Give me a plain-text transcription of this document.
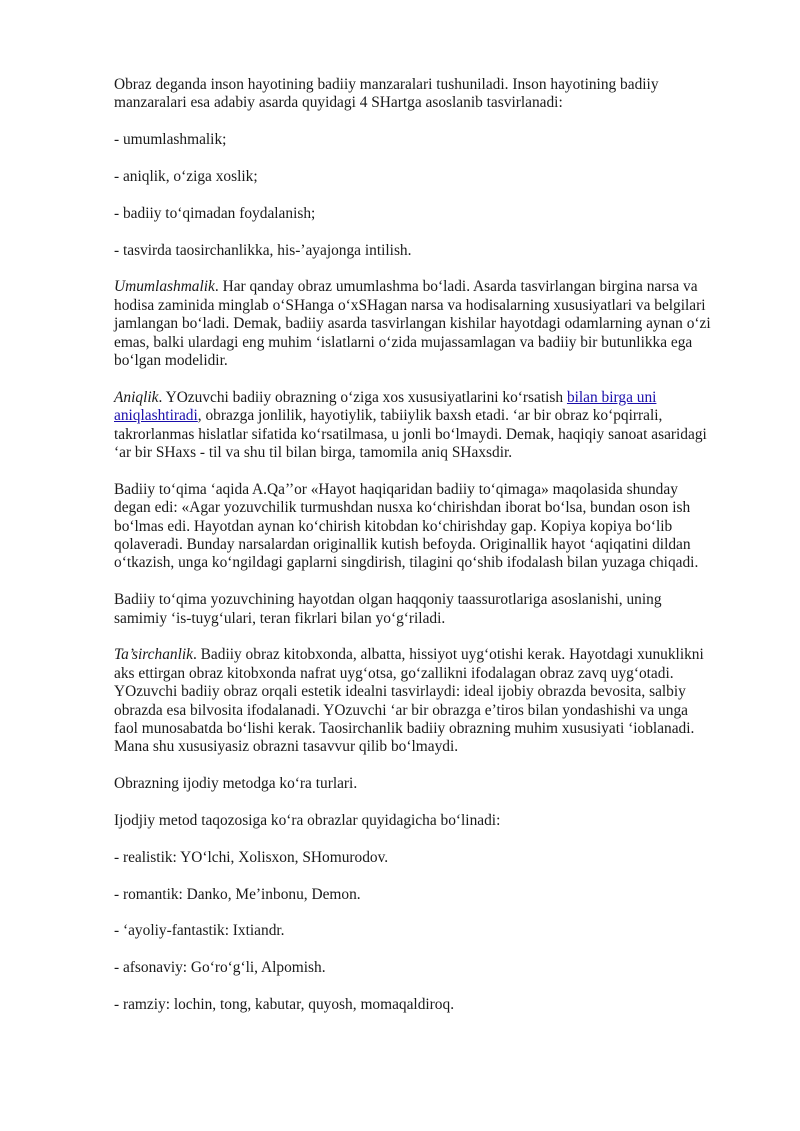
Obraz deganda inson hayotining badiiy manzaralari tushuniladi. Inson hayotining badiiy manzaralari esa adabiy asarda quyidagi 4 SHartga asoslanib tasvirlanadi:

- umumlashmalik;

- aniqlik, o‘ziga xoslik;

- badiiy to‘qimadan foydalanish;

- tasvirda taosirchanlikka, his-’ayajonga intilish.

Umumlashmalik. Har qanday obraz umumlashma bo‘ladi. Asarda tasvirlangan birgina narsa va hodisa zaminida minglab o‘SHanga o‘xSHagan narsa va hodisalarning xususiyatlari va belgilari jamlangan bo‘ladi. Demak, badiiy asarda tasvirlangan kishilar hayotdagi odamlarning aynan o‘zi emas, balki ulardagi eng muhim ‘islatlarni o‘zida mujassamlagan va badiiy bir butunlikka ega bo‘lgan modelidir.

Aniqlik. YOzuvchi badiiy obrazning o‘ziga xos xususiyatlarini ko‘rsatish bilan birga uni aniqlashtiradi, obrazga jonlilik, hayotiylik, tabiiylik baxsh etadi. ‘ar bir obraz ko‘pqirrali, takrorlanmas hislatlar sifatida ko‘rsatilmasa, u jonli bo‘lmaydi. Demak, haqiqiy sanoat asaridagi ‘ar bir SHaxs - til va shu til bilan birga, tamomila aniq SHaxsdir.

Badiiy to‘qima ‘aqida A.Qa’’or «Hayot haqiqaridan badiiy to‘qimaga» maqolasida shunday degan edi: «Agar yozuvchilik turmushdan nusxa ko‘chirishdan iborat bo‘lsa, bundan oson ish bo‘lmas edi. Hayotdan aynan ko‘chirish kitobdan ko‘chirishday gap. Kopiya kopiya bo‘lib qolaveradi. Bunday narsalardan originallik kutish befoyda. Originallik hayot ‘aqiqatini dildan o‘tkazish, unga ko‘ngildagi gaplarni singdirish, tilagini qo‘shib ifodalash bilan yuzaga chiqadi.

Badiiy to‘qima yozuvchining hayotdan olgan haqqoniy taassurotlariga asoslanishi, uning samimiy ‘is-tuyg‘ulari, teran fikrlari bilan yo‘g‘riladi.

Ta’sirchanlik. Badiiy obraz kitobxonda, albatta, hissiyot uyg‘otishi kerak. Hayotdagi xunuklikni aks ettirgan obraz kitobxonda nafrat uyg‘otsa, go‘zallikni ifodalagan obraz zavq uyg‘otadi. YOzuvchi badiiy obraz orqali estetik idealni tasvirlaydi: ideal ijobiy obrazda bevosita, salbiy obrazda esa bilvosita ifodalanadi. YOzuvchi ‘ar bir obrazga e’tiros bilan yondashishi va unga faol munosabatda bo‘lishi kerak. Taosirchanlik badiiy obrazning muhim xususiyati ‘ioblanadi. Mana shu xususiyasiz obrazni tasavvur qilib bo‘lmaydi.

Obrazning ijodiy metodga ko‘ra turlari.

Ijodjiy metod taqozosiga ko‘ra obrazlar quyidagicha bo‘linadi:

- realistik: YO‘lchi, Xolisxon, SHomurodov.

- romantik: Danko, Me’inbonu, Demon.

- ‘ayoliy-fantastik: Ixtiandr.

- afsonaviy: Go‘ro‘g‘li, Alpomish.

- ramziy: lochin, tong, kabutar, quyosh, momaqaldiroq.
